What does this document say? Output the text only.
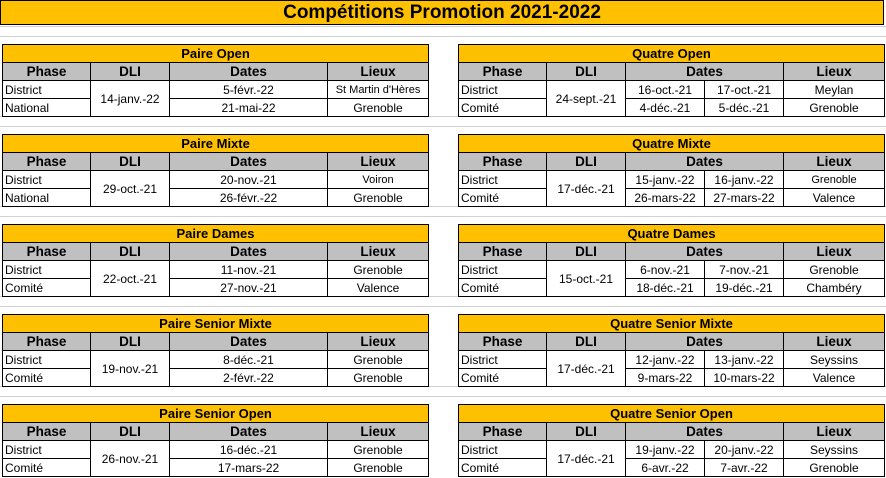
Compétitions Promotion 2021-2022
Paire Open			
Phase	DLI	Dates	Lieux
District	14-janv.-22	5-févr.-22	St Martin d'Hères
National		21-mai-22	Grenoble
Quatre Open				
Phase	DLI	Dates		Lieux
District	24-sept.-21	16-oct.-21	17-oct.-21	Meylan
Comité		4-déc.-21	5-déc.-21	Grenoble
Paire Mixte			
Phase	DLI	Dates	Lieux
District	29-oct.-21	20-nov.-21	Voiron
National		26-févr.-22	Grenoble
Quatre Mixte				
Phase	DLI	Dates		Lieux
District	17-déc.-21	15-janv.-22	16-janv.-22	Grenoble
Comité		26-mars-22	27-mars-22	Valence
Paire Dames			
Phase	DLI	Dates	Lieux
District	22-oct.-21	11-nov.-21	Grenoble
Comité		27-nov.-21	Valence
Quatre Dames				
Phase	DLI	Dates		Lieux
District	15-oct.-21	6-nov.-21	7-nov.-21	Grenoble
Comité		18-déc.-21	19-déc.-21	Chambéry
Paire Senior Mixte			
Phase	DLI	Dates	Lieux
District	19-nov.-21	8-déc.-21	Grenoble
Comité		2-févr.-22	Grenoble
Quatre Senior Mixte				
Phase	DLI	Dates		Lieux
District	17-déc.-21	12-janv.-22	13-janv.-22	Seyssins
Comité		9-mars-22	10-mars-22	Valence
Paire Senior Open			
Phase	DLI	Dates	Lieux
District	26-nov.-21	16-déc.-21	Grenoble
Comité		17-mars-22	Grenoble
Quatre Senior Open				
Phase	DLI	Dates		Lieux
District	17-déc.-21	19-janv.-22	20-janv.-22	Seyssins
Comité		6-avr.-22	7-avr.-22	Grenoble
